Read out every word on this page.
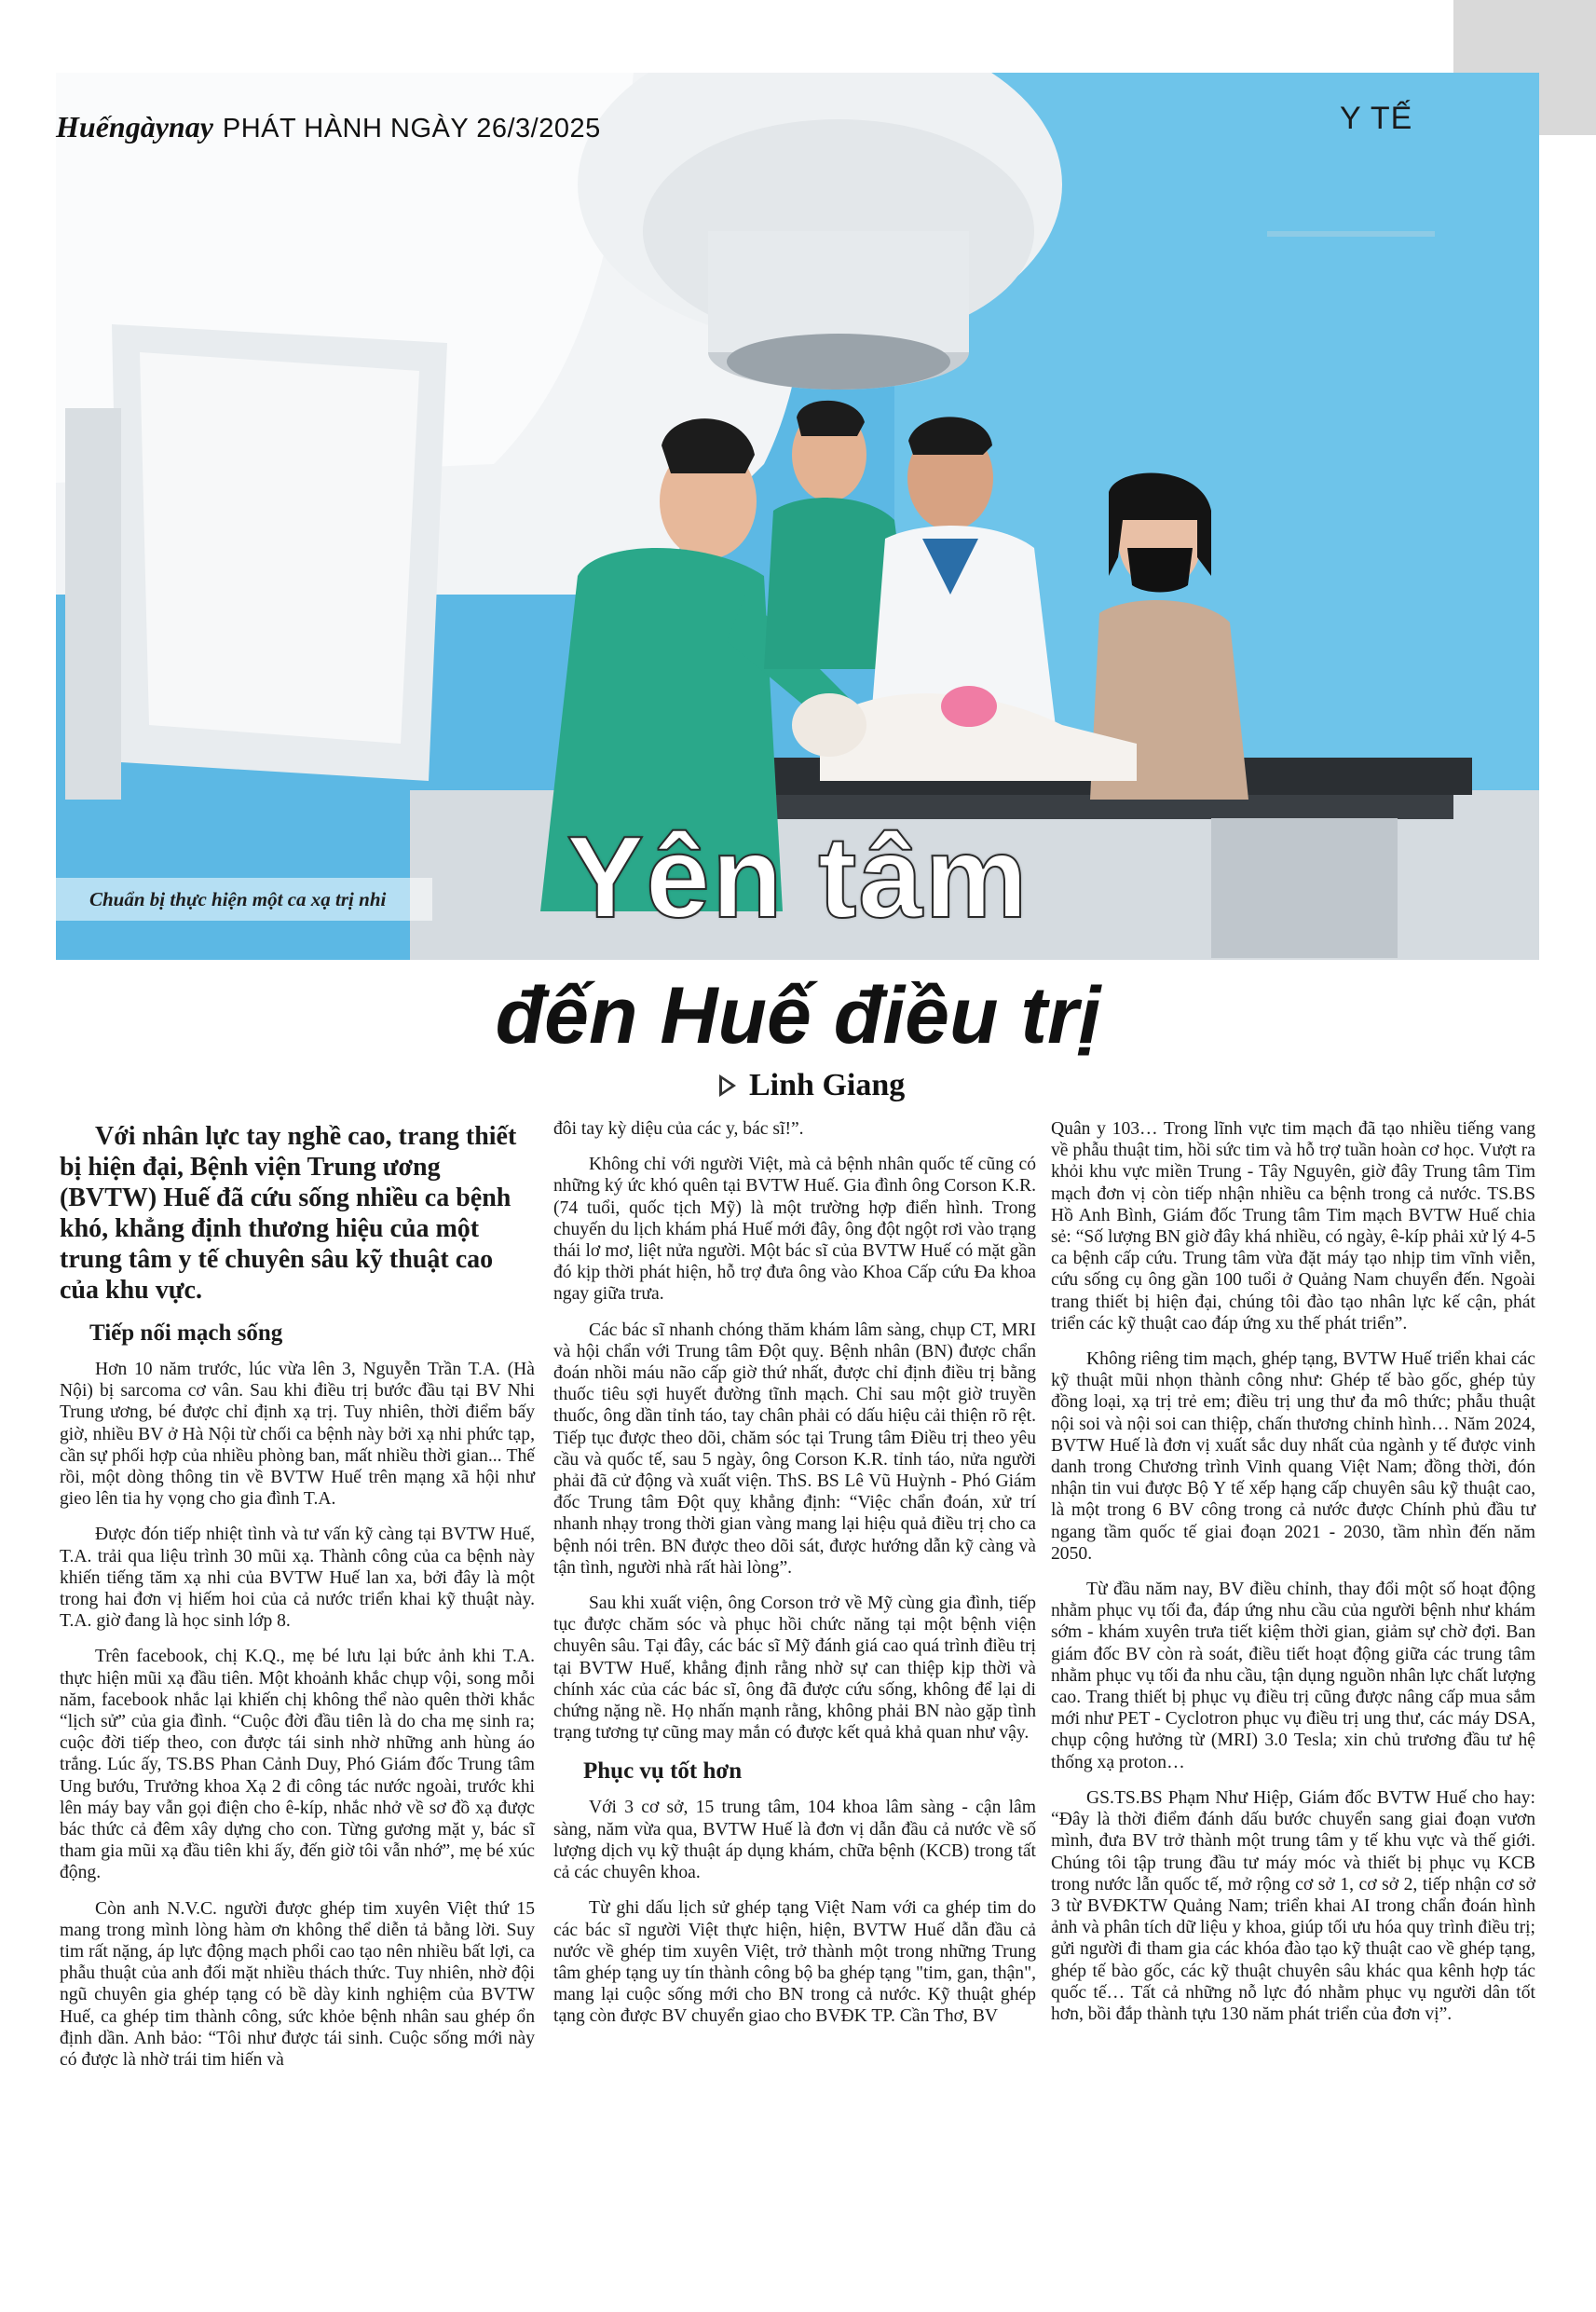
Huếngàynay PHÁT HÀNH NGÀY 26/3/2025	Y TẾ
Chuẩn bị thực hiện một ca xạ trị nhi	Yên tâm
đến Huế điều trị
Linh Giang

Với nhân lực tay nghề cao, trang thiết bị hiện đại, Bệnh viện Trung ương (BVTW) Huế đã cứu sống nhiều ca bệnh khó, khẳng định thương hiệu của một trung tâm y tế chuyên sâu kỹ thuật cao của khu vực.

Tiếp nối mạch sống

Hơn 10 năm trước, lúc vừa lên 3, Nguyễn Trần T.A. (Hà Nội) bị sarcoma cơ vân. Sau khi điều trị bước đầu tại BV Nhi Trung ương, bé được chỉ định xạ trị. Tuy nhiên, thời điểm bấy giờ, nhiều BV ở Hà Nội từ chối ca bệnh này bởi xạ nhi phức tạp, cần sự phối hợp của nhiều phòng ban, mất nhiều thời gian... Thế rồi, một dòng thông tin về BVTW Huế trên mạng xã hội như gieo lên tia hy vọng cho gia đình T.A.

Được đón tiếp nhiệt tình và tư vấn kỹ càng tại BVTW Huế, T.A. trải qua liệu trình 30 mũi xạ. Thành công của ca bệnh này khiến tiếng tăm xạ nhi của BVTW Huế lan xa, bởi đây là một trong hai đơn vị hiếm hoi của cả nước triển khai kỹ thuật này. T.A. giờ đang là học sinh lớp 8.

Trên facebook, chị K.Q., mẹ bé lưu lại bức ảnh khi T.A. thực hiện mũi xạ đầu tiên. Một khoảnh khắc chụp vội, song mỗi năm, facebook nhắc lại khiến chị không thể nào quên thời khắc “lịch sử” của gia đình. “Cuộc đời đầu tiên là do cha mẹ sinh ra; cuộc đời tiếp theo, con được tái sinh nhờ những anh hùng áo trắng. Lúc ấy, TS.BS Phan Cảnh Duy, Phó Giám đốc Trung tâm Ung bướu, Trưởng khoa Xạ 2 đi công tác nước ngoài, trước khi lên máy bay vẫn gọi điện cho ê-kíp, nhắc nhở về sơ đồ xạ được bác thức cả đêm xây dựng cho con. Từng gương mặt y, bác sĩ tham gia mũi xạ đầu tiên khi ấy, đến giờ tôi vẫn nhớ”, mẹ bé xúc động.

Còn anh N.V.C. người được ghép tim xuyên Việt thứ 15 mang trong mình lòng hàm ơn không thể diễn tả bằng lời. Suy tim rất nặng, áp lực động mạch phổi cao tạo nên nhiều bất lợi, ca phẫu thuật của anh đối mặt nhiều thách thức. Tuy nhiên, nhờ đội ngũ chuyên gia ghép tạng có bề dày kinh nghiệm của BVTW Huế, ca ghép tim thành công, sức khỏe bệnh nhân sau ghép ổn định dần. Anh bảo: “Tôi như được tái sinh. Cuộc sống mới này có được là nhờ trái tim hiến và

đôi tay kỳ diệu của các y, bác sĩ!”.

Không chỉ với người Việt, mà cả bệnh nhân quốc tế cũng có những ký ức khó quên tại BVTW Huế. Gia đình ông Corson K.R. (74 tuổi, quốc tịch Mỹ) là một trường hợp điển hình. Trong chuyến du lịch khám phá Huế mới đây, ông đột ngột rơi vào trạng thái lơ mơ, liệt nửa người. Một bác sĩ của BVTW Huế có mặt gần đó kịp thời phát hiện, hỗ trợ đưa ông vào Khoa Cấp cứu Đa khoa ngay giữa trưa.

Các bác sĩ nhanh chóng thăm khám lâm sàng, chụp CT, MRI và hội chẩn với Trung tâm Đột quỵ. Bệnh nhân (BN) được chẩn đoán nhồi máu não cấp giờ thứ nhất, được chỉ định điều trị bằng thuốc tiêu sợi huyết đường tĩnh mạch. Chỉ sau một giờ truyền thuốc, ông dần tỉnh táo, tay chân phải có dấu hiệu cải thiện rõ rệt. Tiếp tục được theo dõi, chăm sóc tại Trung tâm Điều trị theo yêu cầu và quốc tế, sau 5 ngày, ông Corson K.R. tỉnh táo, nửa người phải đã cử động và xuất viện. ThS. BS Lê Vũ Huỳnh - Phó Giám đốc Trung tâm Đột quỵ khẳng định: “Việc chẩn đoán, xử trí nhanh nhạy trong thời gian vàng mang lại hiệu quả điều trị cho ca bệnh nói trên. BN được theo dõi sát, được hướng dẫn kỹ càng và tận tình, người nhà rất hài lòng”.

Sau khi xuất viện, ông Corson trở về Mỹ cùng gia đình, tiếp tục được chăm sóc và phục hồi chức năng tại một bệnh viện chuyên sâu. Tại đây, các bác sĩ Mỹ đánh giá cao quá trình điều trị tại BVTW Huế, khẳng định rằng nhờ sự can thiệp kịp thời và chính xác của các bác sĩ, ông đã được cứu sống, không để lại di chứng nặng nề. Họ nhấn mạnh rằng, không phải BN nào gặp tình trạng tương tự cũng may mắn có được kết quả khả quan như vậy.

Phục vụ tốt hơn

Với 3 cơ sở, 15 trung tâm, 104 khoa lâm sàng - cận lâm sàng, năm vừa qua, BVTW Huế là đơn vị dẫn đầu cả nước về số lượng dịch vụ kỹ thuật áp dụng khám, chữa bệnh (KCB) trong tất cả các chuyên khoa.

Từ ghi dấu lịch sử ghép tạng Việt Nam với ca ghép tim do các bác sĩ người Việt thực hiện, hiện, BVTW Huế dẫn đầu cả nước về ghép tim xuyên Việt, trở thành một trong những Trung tâm ghép tạng uy tín thành công bộ ba ghép tạng "tim, gan, thận", mang lại cuộc sống mới cho BN trong cả nước. Kỹ thuật ghép tạng còn được BV chuyển giao cho BVĐK TP. Cần Thơ, BV

Quân y 103… Trong lĩnh vực tim mạch đã tạo nhiều tiếng vang về phẫu thuật tim, hồi sức tim và hỗ trợ tuần hoàn cơ học. Vượt ra khỏi khu vực miền Trung - Tây Nguyên, giờ đây Trung tâm Tim mạch đơn vị còn tiếp nhận nhiều ca bệnh trong cả nước. TS.BS Hồ Anh Bình, Giám đốc Trung tâm Tim mạch BVTW Huế chia sẻ: “Số lượng BN giờ đây khá nhiều, có ngày, ê-kíp phải xử lý 4-5 ca bệnh cấp cứu. Trung tâm vừa đặt máy tạo nhịp tim vĩnh viễn, cứu sống cụ ông gần 100 tuổi ở Quảng Nam chuyển đến. Ngoài trang thiết bị hiện đại, chúng tôi đào tạo nhân lực kế cận, phát triển các kỹ thuật cao đáp ứng xu thế phát triển”.

Không riêng tim mạch, ghép tạng, BVTW Huế triển khai các kỹ thuật mũi nhọn thành công như: Ghép tế bào gốc, ghép tủy đồng loại, xạ trị trẻ em; điều trị ung thư đa mô thức; phẫu thuật nội soi và nội soi can thiệp, chấn thương chỉnh hình… Năm 2024, BVTW Huế là đơn vị xuất sắc duy nhất của ngành y tế được vinh danh trong Chương trình Vinh quang Việt Nam; đồng thời, đón nhận tin vui được Bộ Y tế xếp hạng cấp chuyên sâu kỹ thuật cao, là một trong 6 BV công trong cả nước được Chính phủ đầu tư ngang tầm quốc tế giai đoạn 2021 - 2030, tầm nhìn đến năm 2050.

Từ đầu năm nay, BV điều chỉnh, thay đổi một số hoạt động nhằm phục vụ tối đa, đáp ứng nhu cầu của người bệnh như khám sớm - khám xuyên trưa tiết kiệm thời gian, giảm sự chờ đợi. Ban giám đốc BV còn rà soát, điều tiết hoạt động giữa các trung tâm nhằm phục vụ tối đa nhu cầu, tận dụng nguồn nhân lực chất lượng cao. Trang thiết bị phục vụ điều trị cũng được nâng cấp mua sắm mới như PET - Cyclotron phục vụ điều trị ung thư, các máy DSA, chụp cộng hưởng từ (MRI) 3.0 Tesla; xin chủ trương đầu tư hệ thống xạ proton…

GS.TS.BS Phạm Như Hiệp, Giám đốc BVTW Huế cho hay: “Đây là thời điểm đánh dấu bước chuyển sang giai đoạn vươn mình, đưa BV trở thành một trung tâm y tế khu vực và thế giới. Chúng tôi tập trung đầu tư máy móc và thiết bị phục vụ KCB trong nước lẫn quốc tế, mở rộng cơ sở 1, cơ sở 2, tiếp nhận cơ sở 3 từ BVĐKTW Quảng Nam; triển khai AI trong chẩn đoán hình ảnh và phân tích dữ liệu y khoa, giúp tối ưu hóa quy trình điều trị; gửi người đi tham gia các khóa đào tạo kỹ thuật cao về ghép tạng, ghép tế bào gốc, các kỹ thuật chuyên sâu khác qua kênh hợp tác quốc tế… Tất cả những nỗ lực đó nhằm phục vụ người dân tốt hơn, bồi đắp thành tựu 130 năm phát triển của đơn vị”.
